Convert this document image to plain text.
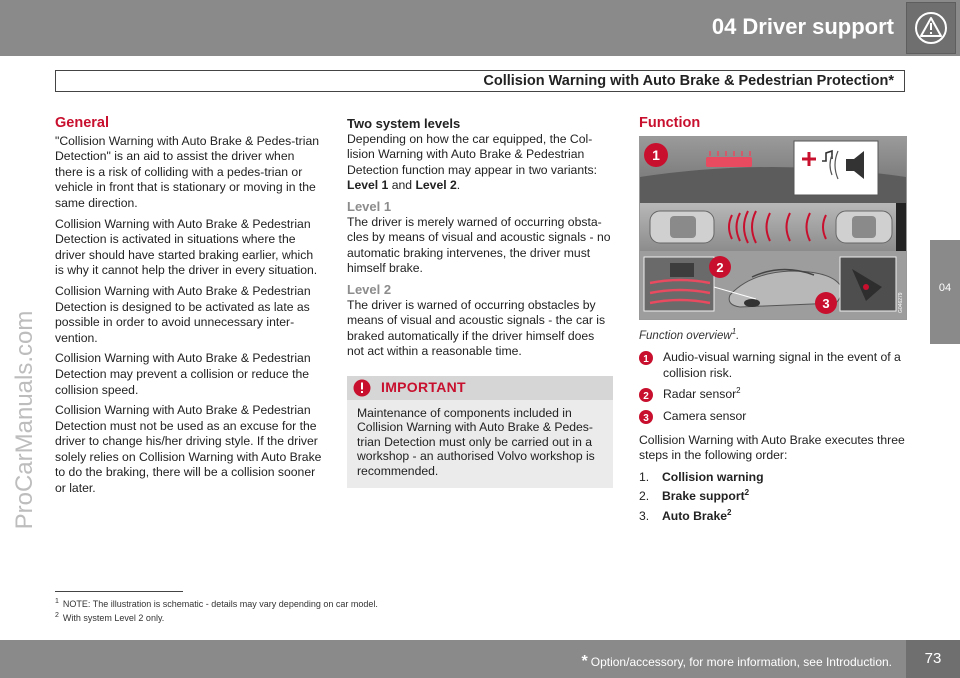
04 Driver support
Collision Warning with Auto Brake & Pedestrian Protection*
04
ProCarManuals.com
General

"Collision Warning with Auto Brake & Pedes-trian Detection" is an aid to assist the driver when there is a risk of colliding with a pedes-trian or vehicle in front that is stationary or moving in the same direction.

Collision Warning with Auto Brake & Pedestrian Detection is activated in situations where the driver should have started braking earlier, which is why it cannot help the driver in every situation.

Collision Warning with Auto Brake & Pedestrian Detection is designed to be activated as late as possible in order to avoid unnecessary inter-vention.

Collision Warning with Auto Brake & Pedestrian Detection may prevent a collision or reduce the collision speed.

Collision Warning with Auto Brake & Pedestrian Detection must not be used as an excuse for the driver to change his/her driving style. If the driver solely relies on Collision Warning with Auto Brake to do the braking, there will be a collision sooner or later.

Two system levels

Depending on how the car equipped, the Col-lision Warning with Auto Brake & Pedestrian Detection function may appear in two variants: Level 1 and Level 2.

Level 1

The driver is merely warned of occurring obsta-cles by means of visual and acoustic signals - no automatic braking intervenes, the driver must himself brake.

Level 2

The driver is warned of occurring obstacles by means of visual and acoustic signals - the car is braked automatically if the driver himself does not act within a reasonable time.

IMPORTANT
Maintenance of components included in Collision Warning with Auto Brake & Pedes-trian Detection must only be carried out in a workshop - an authorised Volvo workshop is recommended.
Function
1
2
3	G046279
Function overview$^1$.
1 Audio-visual warning signal in the event of a collision risk.
2 Radar sensor$^2$
3 Camera sensor

Collision Warning with Auto Brake executes three steps in the following order:

1.	Collision warning
2.	Brake support$^2$
3.	Auto Brake$^2$
$^1$ NOTE: The illustration is schematic - details may vary depending on car model.
$^2$ With system Level 2 only.
* Option/accessory, for more information, see Introduction.	73
